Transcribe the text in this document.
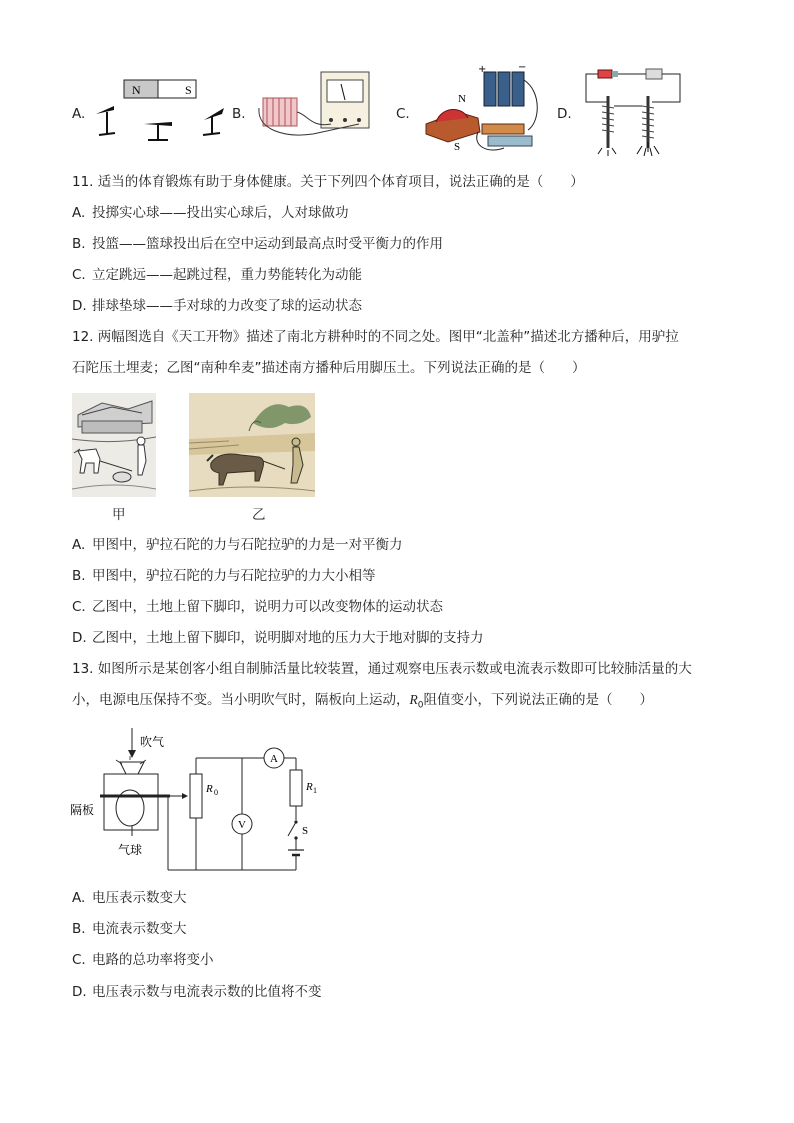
A.
N	S
B.	C.
N
S
+	−
D.
11. 适当的体育锻炼有助于身体健康。关于下列四个体育项目，说法正确的是（　　）
A. 投掷实心球——投出实心球后，人对球做功
B. 投篮——篮球投出后在空中运动到最高点时受平衡力的作用
C. 立定跳远——起跳过程，重力势能转化为动能
D. 排球垫球——手对球的力改变了球的运动状态
12. 两幅图选自《天工开物》描述了南北方耕种时的不同之处。图甲“北盖种”描述北方播种后，用驴拉
石陀压土埋麦；乙图“南种牟麦”描述南方播种后用脚压土。下列说法正确的是（　　）
甲	乙
A. 甲图中，驴拉石陀的力与石陀拉驴的力是一对平衡力
B. 甲图中，驴拉石陀的力与石陀拉驴的力大小相等
C. 乙图中，土地上留下脚印，说明力可以改变物体的运动状态
D. 乙图中，土地上留下脚印，说明脚对地的压力大于地对脚的支持力
13. 如图所示是某创客小组自制肺活量比较装置，通过观察电压表示数或电流表示数即可比较肺活量的大
小，电源电压保持不变。当小明吹气时，隔板向上运动，$R_0$阻值变小，下列说法正确的是（　　）
吹气
隔板
气球
R 0
V
A
R 1
S
A. 电压表示数变大
B. 电流表示数变大
C. 电路的总功率将变小
D. 电压表示数与电流表示数的比值将不变
